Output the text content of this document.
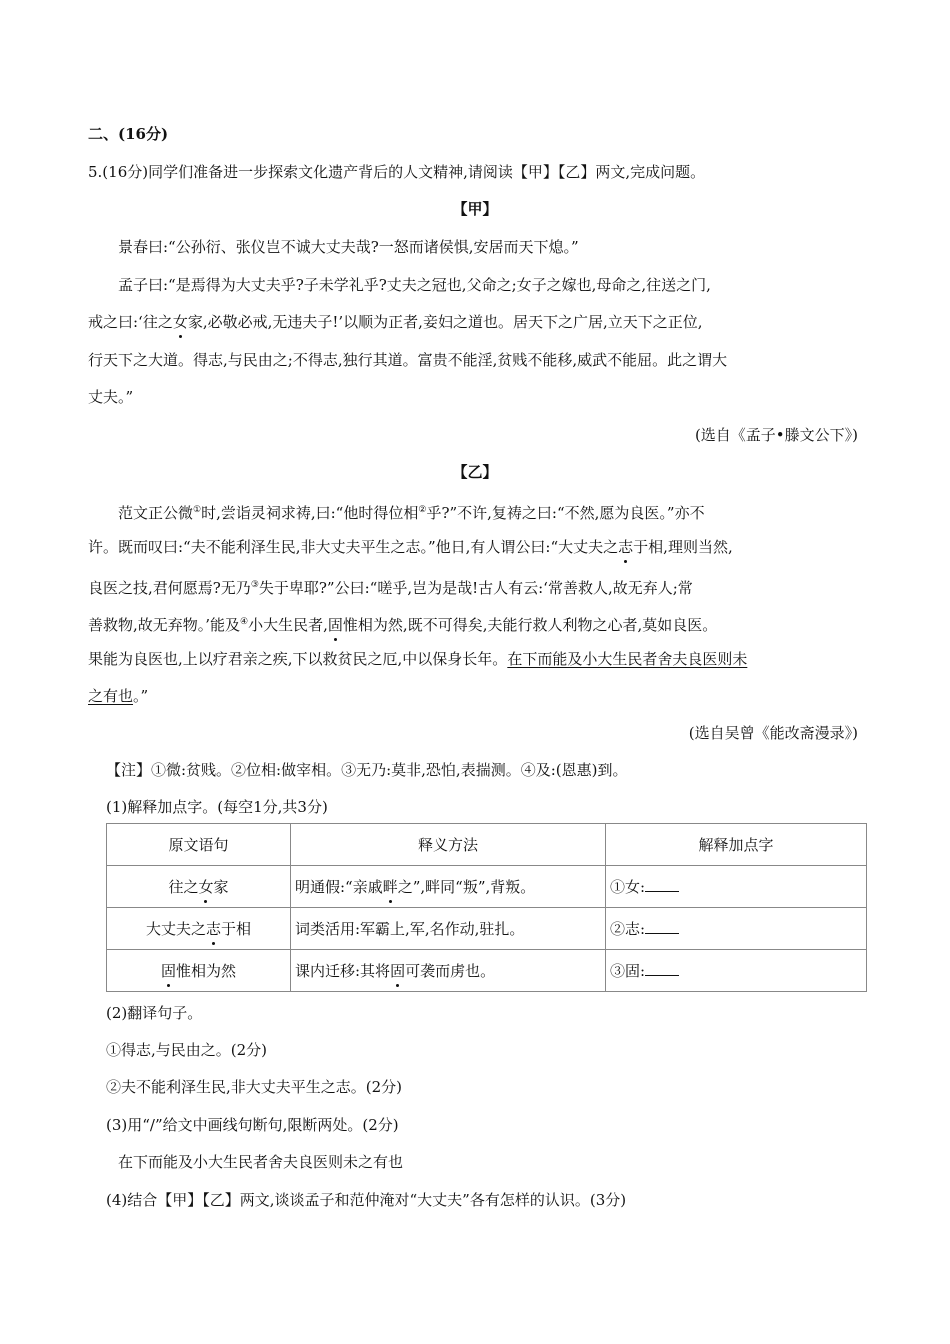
二、(16分)
5.(16分)同学们准备进一步探索文化遗产背后的人文精神,请阅读【甲】【乙】两文,完成问题。
【甲】
景春曰:“公孙衍、张仪岂不诚大丈夫哉?一怒而诸侯惧,安居而天下熄。”
孟子曰:“是焉得为大丈夫乎?子未学礼乎?丈夫之冠也,父命之;女子之嫁也,母命之,往送之门,
戒之曰:‘往之女家,必敬必戒,无违夫子!’以顺为正者,妾妇之道也。居天下之广居,立天下之正位,
行天下之大道。得志,与民由之;不得志,独行其道。富贵不能淫,贫贱不能移,威武不能屈。此之谓大
丈夫。”
(选自《孟子•滕文公下》)
【乙】
范文正公微①时,尝诣灵祠求祷,曰:“他时得位相②乎?”不许,复祷之曰:“不然,愿为良医。”亦不
许。既而叹曰:“夫不能利泽生民,非大丈夫平生之志。”他日,有人谓公曰:“大丈夫之志于相,理则当然,
良医之技,君何愿焉?无乃③失于卑耶?”公曰:“嗟乎,岂为是哉!古人有云:‘常善救人,故无弃人;常
善救物,故无弃物。’能及④小大生民者,固惟相为然,既不可得矣,夫能行救人利物之心者,莫如良医。
果能为良医也,上以疗君亲之疾,下以救贫民之厄,中以保身长年。在下而能及小大生民者舍夫良医则未
之有也。”
(选自吴曾《能改斋漫录》)
【注】①微:贫贱。②位相:做宰相。③无乃:莫非,恐怕,表揣测。④及:(恩惠)到。
(1)解释加点字。(每空1分,共3分)
原文语句	释义方法	解释加点字
往之女家	明通假:“亲戚畔之”,畔同“叛”,背叛。	①女:
大丈夫之志于相	词类活用:军霸上,军,名作动,驻扎。	②志:
固惟相为然	课内迁移:其将固可袭而虏也。	③固:
(2)翻译句子。
①得志,与民由之。(2分)
②夫不能利泽生民,非大丈夫平生之志。(2分)
(3)用“/”给文中画线句断句,限断两处。(2分)
在下而能及小大生民者舍夫良医则未之有也
(4)结合【甲】【乙】两文,谈谈孟子和范仲淹对“大丈夫”各有怎样的认识。(3分)
